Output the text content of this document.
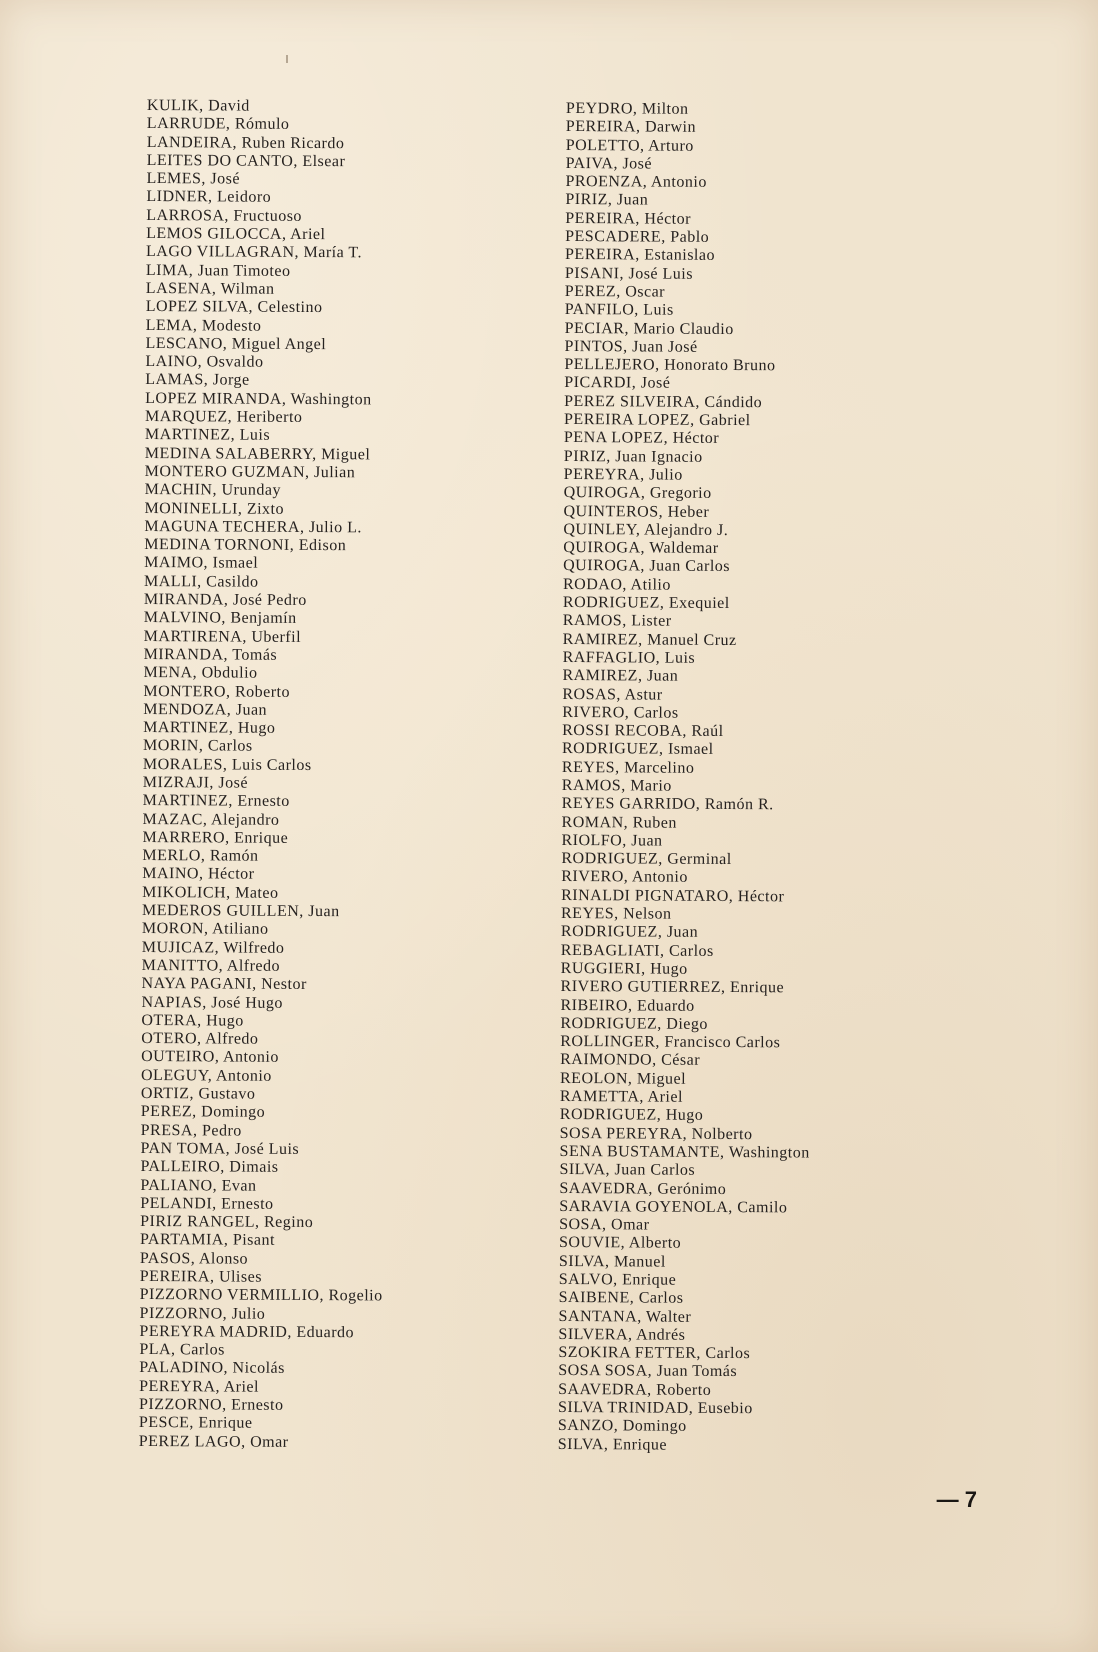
KULIK, David
LARRUDE, Rómulo
LANDEIRA, Ruben Ricardo
LEITES DO CANTO, Elsear
LEMES, José
LIDNER, Leidoro
LARROSA, Fructuoso
LEMOS GILOCCA, Ariel
LAGO VILLAGRAN, María T.
LIMA, Juan Timoteo
LASENA, Wilman
LOPEZ SILVA, Celestino
LEMA, Modesto
LESCANO, Miguel Angel
LAINO, Osvaldo
LAMAS, Jorge
LOPEZ MIRANDA, Washington
MARQUEZ, Heriberto
MARTINEZ, Luis
MEDINA SALABERRY, Miguel
MONTERO GUZMAN, Julian
MACHIN, Urunday
MONINELLI, Zixto
MAGUNA TECHERA, Julio L.
MEDINA TORNONI, Edison
MAIMO, Ismael
MALLI, Casildo
MIRANDA, José Pedro
MALVINO, Benjamín
MARTIRENA, Uberfil
MIRANDA, Tomás
MENA, Obdulio
MONTERO, Roberto
MENDOZA, Juan
MARTINEZ, Hugo
MORIN, Carlos
MORALES, Luis Carlos
MIZRAJI, José
MARTINEZ, Ernesto
MAZAC, Alejandro
MARRERO, Enrique
MERLO, Ramón
MAINO, Héctor
MIKOLICH, Mateo
MEDEROS GUILLEN, Juan
MORON, Atiliano
MUJICAZ, Wilfredo
MANITTO, Alfredo
NAYA PAGANI, Nestor
NAPIAS, José Hugo
OTERA, Hugo
OTERO, Alfredo
OUTEIRO, Antonio
OLEGUY, Antonio
ORTIZ, Gustavo
PEREZ, Domingo
PRESA, Pedro
PAN TOMA, José Luis
PALLEIRO, Dimais
PALIANO, Evan
PELANDI, Ernesto
PIRIZ RANGEL, Regino
PARTAMIA, Pisant
PASOS, Alonso
PEREIRA, Ulises
PIZZORNO VERMILLIO, Rogelio
PIZZORNO, Julio
PEREYRA MADRID, Eduardo
PLA, Carlos
PALADINO, Nicolás
PEREYRA, Ariel
PIZZORNO, Ernesto
PESCE, Enrique
PEREZ LAGO, Omar
PEYDRO, Milton
PEREIRA, Darwin
POLETTO, Arturo
PAIVA, José
PROENZA, Antonio
PIRIZ, Juan
PEREIRA, Héctor
PESCADERE, Pablo
PEREIRA, Estanislao
PISANI, José Luis
PEREZ, Oscar
PANFILO, Luis
PECIAR, Mario Claudio
PINTOS, Juan José
PELLEJERO, Honorato Bruno
PICARDI, José
PEREZ SILVEIRA, Cándido
PEREIRA LOPEZ, Gabriel
PENA LOPEZ, Héctor
PIRIZ, Juan Ignacio
PEREYRA, Julio
QUIROGA, Gregorio
QUINTEROS, Heber
QUINLEY, Alejandro J.
QUIROGA, Waldemar
QUIROGA, Juan Carlos
RODAO, Atilio
RODRIGUEZ, Exequiel
RAMOS, Lister
RAMIREZ, Manuel Cruz
RAFFAGLIO, Luis
RAMIREZ, Juan
ROSAS, Astur
RIVERO, Carlos
ROSSI RECOBA, Raúl
RODRIGUEZ, Ismael
REYES, Marcelino
RAMOS, Mario
REYES GARRIDO, Ramón R.
ROMAN, Ruben
RIOLFO, Juan
RODRIGUEZ, Germinal
RIVERO, Antonio
RINALDI PIGNATARO, Héctor
REYES, Nelson
RODRIGUEZ, Juan
REBAGLIATI, Carlos
RUGGIERI, Hugo
RIVERO GUTIERREZ, Enrique
RIBEIRO, Eduardo
RODRIGUEZ, Diego
ROLLINGER, Francisco Carlos
RAIMONDO, César
REOLON, Miguel
RAMETTA, Ariel
RODRIGUEZ, Hugo
SOSA PEREYRA, Nolberto
SENA BUSTAMANTE, Washington
SILVA, Juan Carlos
SAAVEDRA, Gerónimo
SARAVIA GOYENOLA, Camilo
SOSA, Omar
SOUVIE, Alberto
SILVA, Manuel
SALVO, Enrique
SAIBENE, Carlos
SANTANA, Walter
SILVERA, Andrés
SZOKIRA FETTER, Carlos
SOSA SOSA, Juan Tomás
SAAVEDRA, Roberto
SILVA TRINIDAD, Eusebio
SANZO, Domingo
SILVA, Enrique
— 7
